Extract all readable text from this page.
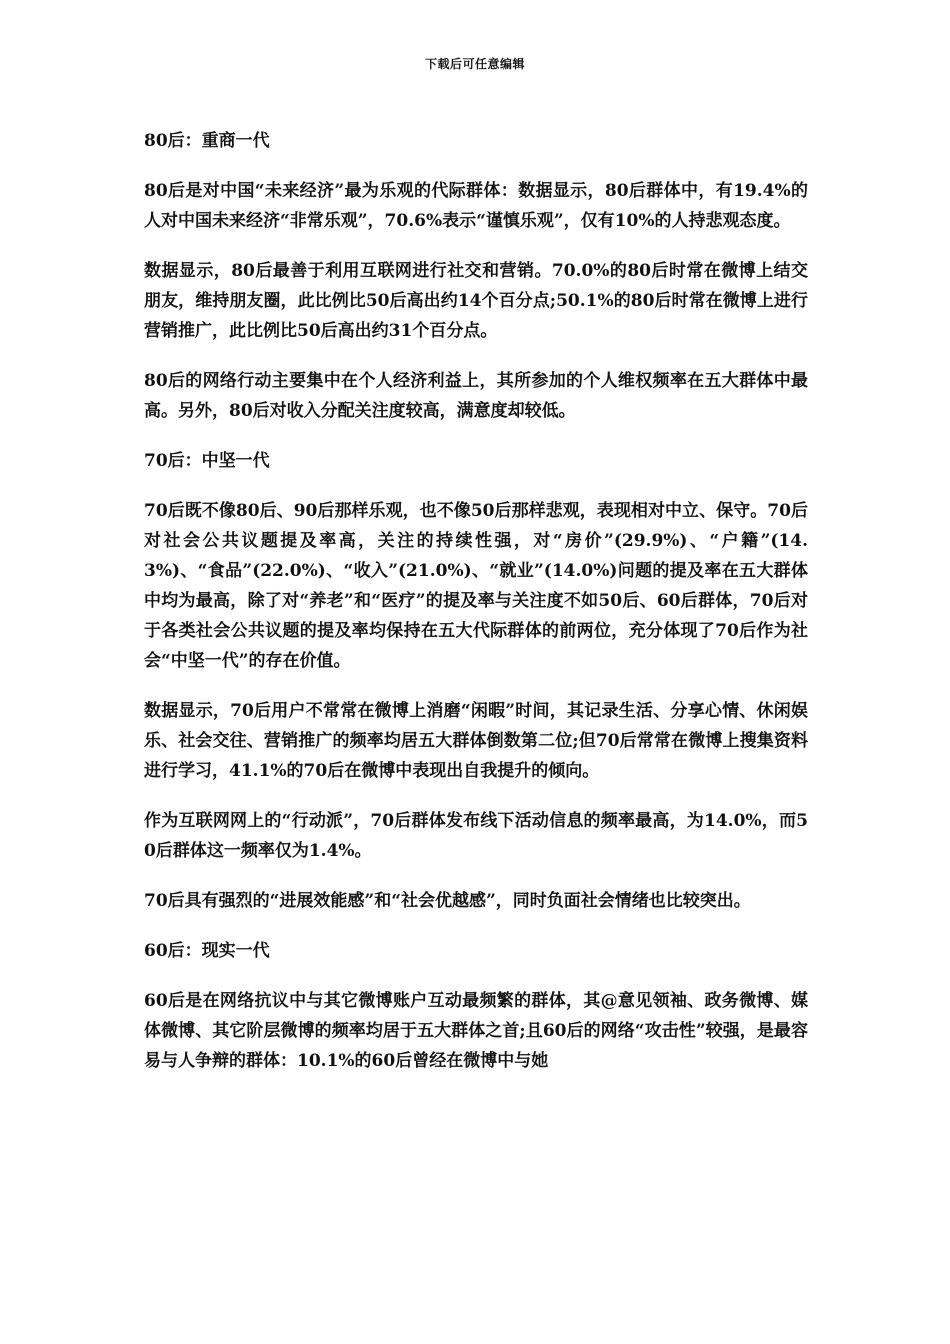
下载后可任意编辑
80后：重商一代
80后是对中国“未来经济”最为乐观的代际群体：数据显示，80后群体中，有19.4%的人对中国未来经济“非常乐观”，70.6%表示“谨慎乐观”，仅有10%的人持悲观态度。
数据显示，80后最善于利用互联网进行社交和营销。70.0%的80后时常在微博上结交朋友，维持朋友圈，此比例比50后高出约14个百分点;50.1%的80后时常在微博上进行营销推广，此比例比50后高出约31个百分点。
80后的网络行动主要集中在个人经济利益上，其所参加的个人维权频率在五大群体中最高。另外，80后对收入分配关注度较高，满意度却较低。
70后：中坚一代
70后既不像80后、90后那样乐观，也不像50后那样悲观，表现相对中立、保守。70后对社会公共议题提及率高，关注的持续性强，对“房价”(29.9%)、“户籍”(14.3%)、“食品”(22.0%)、“收入”(21.0%)、“就业”(14.0%)问题的提及率在五大群体中均为最高，除了对“养老”和“医疗”的提及率与关注度不如50后、60后群体，70后对于各类社会公共议题的提及率均保持在五大代际群体的前两位，充分体现了70后作为社会“中坚一代”的存在价值。
数据显示，70后用户不常常在微博上消磨“闲暇”时间，其记录生活、分享心情、休闲娱乐、社会交往、营销推广的频率均居五大群体倒数第二位;但70后常常在微博上搜集资料进行学习，41.1%的70后在微博中表现出自我提升的倾向。
作为互联网网上的“行动派”，70后群体发布线下活动信息的频率最高，为14.0%，而50后群体这一频率仅为1.4%。
70后具有强烈的“进展效能感”和“社会优越感”，同时负面社会情绪也比较突出。
60后：现实一代
60后是在网络抗议中与其它微博账户互动最频繁的群体，其@意见领袖、政务微博、媒体微博、其它阶层微博的频率均居于五大群体之首;且60后的网络“攻击性”较强，是最容易与人争辩的群体：10.1%的60后曾经在微博中与她
